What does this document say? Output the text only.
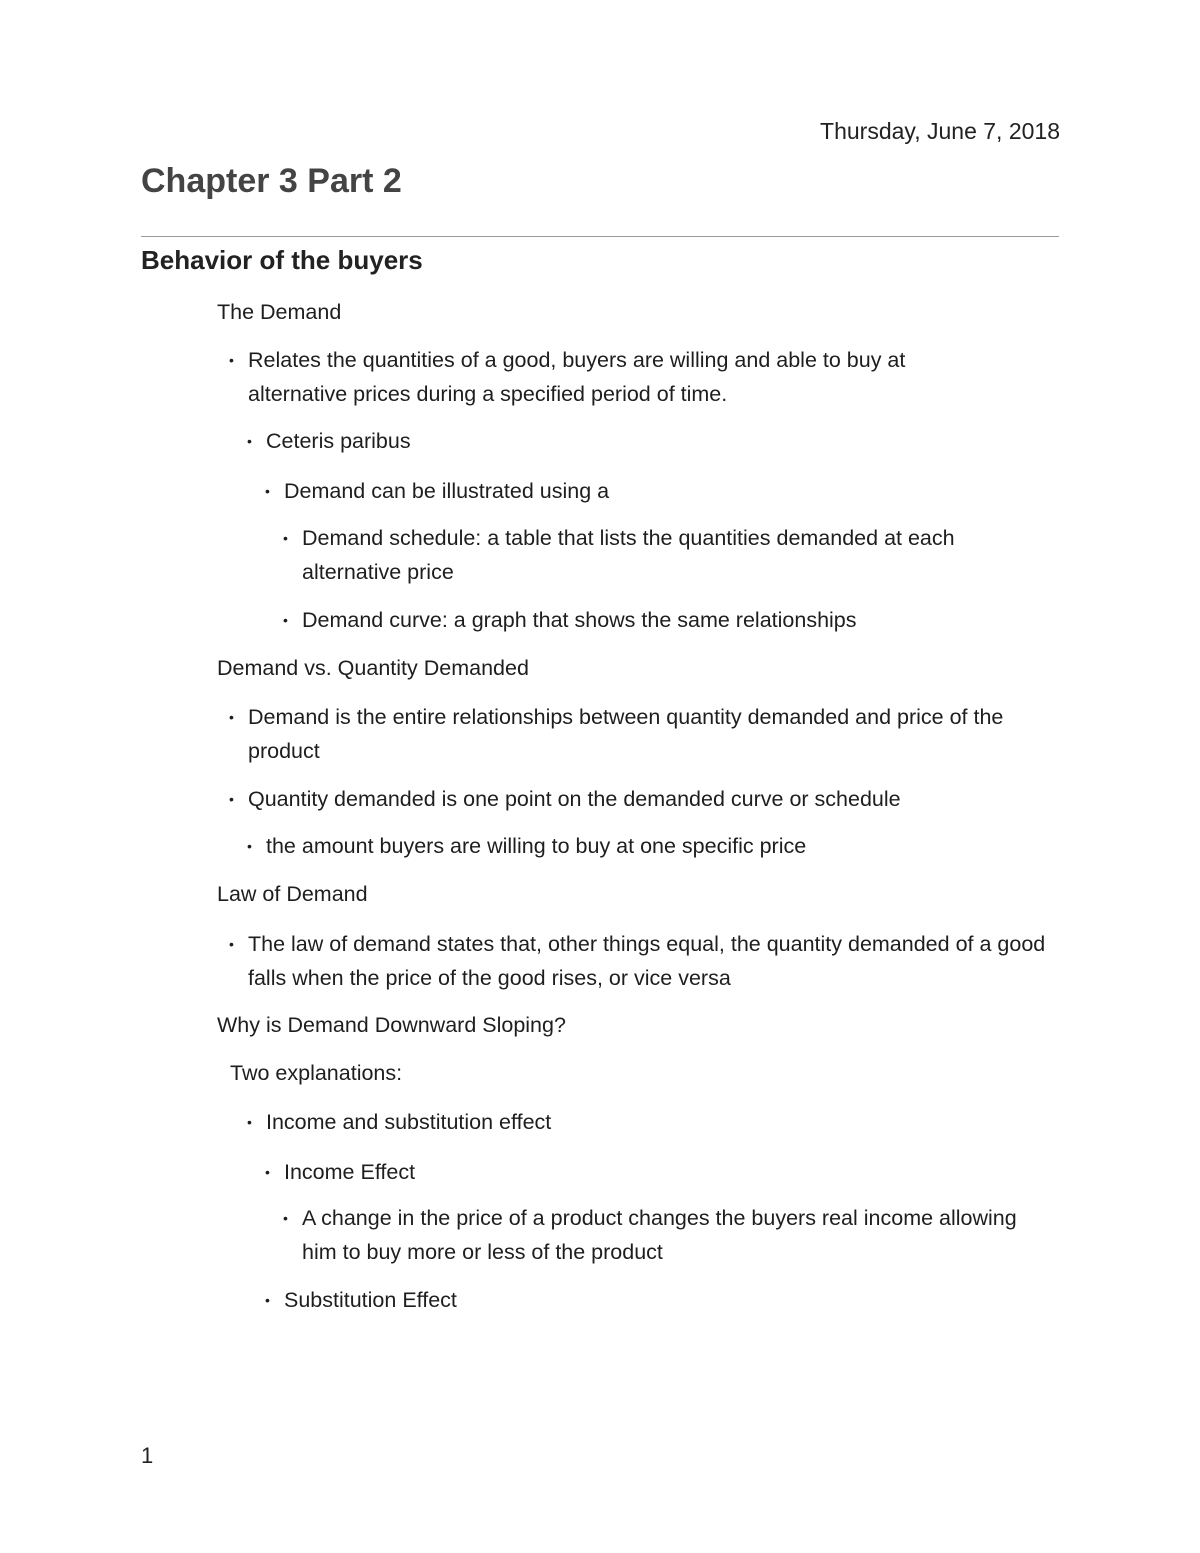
Thursday, June 7, 2018
Chapter 3 Part 2
Behavior of the buyers
The Demand
• Relates the quantities of a good, buyers are willing and able to buy at alternative prices during a specified period of time.
• Ceteris paribus
• Demand can be illustrated using a
• Demand schedule: a table that lists the quantities demanded at each alternative price
• Demand curve: a graph that shows the same relationships
Demand vs. Quantity Demanded
• Demand is the entire relationships between quantity demanded and price of the product
• Quantity demanded is one point on the demanded curve or schedule
• the amount buyers are willing to buy at one specific price
Law of Demand
• The law of demand states that, other things equal, the quantity demanded of a good falls when the price of the good rises, or vice versa
Why is Demand Downward Sloping?
Two explanations:
• Income and substitution effect
• Income Effect
• A change in the price of a product changes the buyers real income allowing him to buy more or less of the product
• Substitution Effect
1
